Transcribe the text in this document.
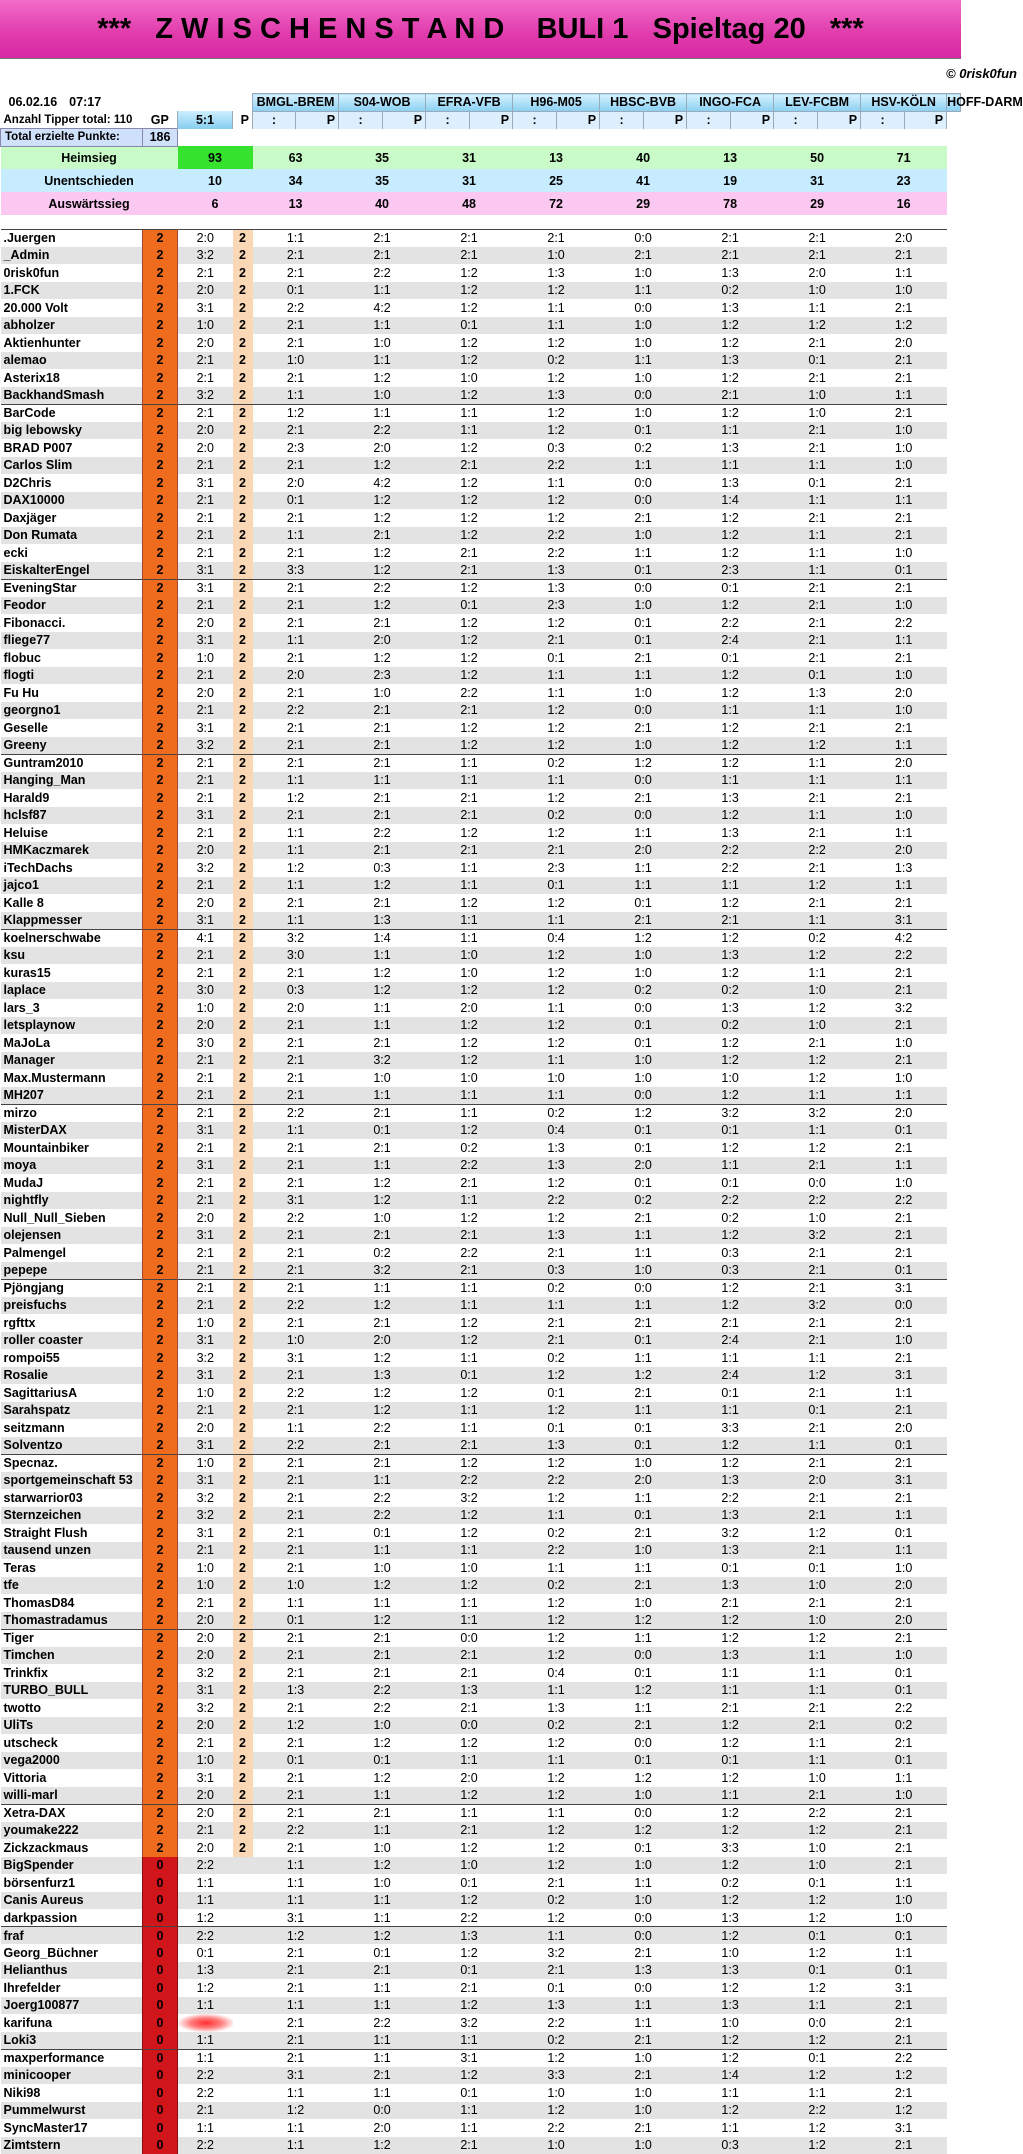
***   Z W I S C H E N S T A N D    BULI 1   Spieltag 20   ***
© 0risk0fun
06.02.16 07:17				BMGL-BREM		S04-WOB		EFRA-VFB		H96-M05		HBSC-BVB		INGO-FCA		LEV-FCBM		HSV-KÖLN		HOFF-DARM
Anzahl Tipper total: 110	GP	5:1	P	:	P	:	P	:	P	:	P	:	P	:	P	:	P	:	P	
Total erzielte Punkte:	186																			
Heimsieg		93		63		35		31		13		40		13		50		71		
Unentschieden		10		34		35		31		25		41		19		31		23		
Auswärtssieg		6		13		40		48		72		29		78		29		16		

.Juergen	2	2:0	2	1:1		2:1		2:1		2:1		0:0		2:1		2:1		2:0		
_Admin	2	3:2	2	2:1		2:1		2:1		1:0		2:1		2:1		2:1		2:1		
0risk0fun	2	2:1	2	2:1		2:2		1:2		1:3		1:0		1:3		2:0		1:1		
1.FCK	2	2:0	2	0:1		1:1		1:2		1:2		1:1		0:2		1:0		1:0		
20.000 Volt	2	3:1	2	2:2		4:2		1:2		1:1		0:0		1:3		1:1		2:1		
abholzer	2	1:0	2	2:1		1:1		0:1		1:1		1:0		1:2		1:2		1:2		
Aktienhunter	2	2:0	2	2:1		1:0		1:2		1:2		1:0		1:2		2:1		2:0		
alemao	2	2:1	2	1:0		1:1		1:2		0:2		1:1		1:3		0:1		2:1		
Asterix18	2	2:1	2	2:1		1:2		1:0		1:2		1:0		1:2		2:1		2:1		
BackhandSmash	2	3:2	2	1:1		1:0		1:2		1:3		0:0		2:1		1:0		1:1		
BarCode	2	2:1	2	1:2		1:1		1:1		1:2		1:0		1:2		1:0		2:1		
big lebowsky	2	2:0	2	2:1		2:2		1:1		1:2		0:1		1:1		2:1		1:0		
BRAD P007	2	2:0	2	2:3		2:0		1:2		0:3		0:2		1:3		2:1		1:0		
Carlos Slim	2	2:1	2	2:1		1:2		2:1		2:2		1:1		1:1		1:1		1:0		
D2Chris	2	3:1	2	2:0		4:2		1:2		1:1		0:0		1:3		0:1		2:1		
DAX10000	2	2:1	2	0:1		1:2		1:2		1:2		0:0		1:4		1:1		1:1		
Daxjäger	2	2:1	2	2:1		1:2		1:2		1:2		2:1		1:2		2:1		2:1		
Don Rumata	2	2:1	2	1:1		2:1		1:2		2:2		1:0		1:2		1:1		2:1		
ecki	2	2:1	2	2:1		1:2		2:1		2:2		1:1		1:2		1:1		1:0		
EiskalterEngel	2	3:1	2	3:3		1:2		2:1		1:3		0:1		2:3		1:1		0:1		
EveningStar	2	3:1	2	2:1		2:2		1:2		1:3		0:0		0:1		2:1		2:1		
Feodor	2	2:1	2	2:1		1:2		0:1		2:3		1:0		1:2		2:1		1:0		
Fibonacci.	2	2:0	2	2:1		2:1		1:2		1:2		0:1		2:2		2:1		2:2		
fliege77	2	3:1	2	1:1		2:0		1:2		2:1		0:1		2:4		2:1		1:1		
flobuc	2	1:0	2	2:1		1:2		1:2		0:1		2:1		0:1		2:1		2:1		
flogti	2	2:1	2	2:0		2:3		1:2		1:1		1:1		1:2		0:1		1:0		
Fu Hu	2	2:0	2	2:1		1:0		2:2		1:1		1:0		1:2		1:3		2:0		
georgno1	2	2:1	2	2:2		2:1		2:1		1:2		0:0		1:1		1:1		1:0		
Geselle	2	3:1	2	2:1		2:1		1:2		1:2		2:1		1:2		2:1		2:1		
Greeny	2	3:2	2	2:1		2:1		1:2		1:2		1:0		1:2		1:2		1:1		
Guntram2010	2	2:1	2	2:1		2:1		1:1		0:2		1:2		1:2		1:1		2:0		
Hanging_Man	2	2:1	2	1:1		1:1		1:1		1:1		0:0		1:1		1:1		1:1		
Harald9	2	2:1	2	1:2		2:1		2:1		1:2		2:1		1:3		2:1		2:1		
hclsf87	2	3:1	2	2:1		2:1		2:1		0:2		0:0		1:2		1:1		1:0		
Heluise	2	2:1	2	1:1		2:2		1:2		1:2		1:1		1:3		2:1		1:1		
HMKaczmarek	2	2:0	2	1:1		2:1		2:1		2:1		2:0		2:2		2:2		2:0		
iTechDachs	2	3:2	2	1:2		0:3		1:1		2:3		1:1		2:2		2:1		1:3		
jajco1	2	2:1	2	1:1		1:2		1:1		0:1		1:1		1:1		1:2		1:1		
Kalle 8	2	2:0	2	2:1		2:1		1:2		1:2		0:1		1:2		2:1		2:1		
Klappmesser	2	3:1	2	1:1		1:3		1:1		1:1		2:1		2:1		1:1		3:1		
koelnerschwabe	2	4:1	2	3:2		1:4		1:1		0:4		1:2		1:2		0:2		4:2		
ksu	2	2:1	2	3:0		1:1		1:0		1:2		1:0		1:3		1:2		2:2		
kuras15	2	2:1	2	2:1		1:2		1:0		1:2		1:0		1:2		1:1		2:1		
laplace	2	3:0	2	0:3		1:2		1:2		1:2		0:2		0:2		1:0		2:1		
lars_3	2	1:0	2	2:0		1:1		2:0		1:1		0:0		1:3		1:2		3:2		
letsplaynow	2	2:0	2	2:1		1:1		1:2		1:2		0:1		0:2		1:0		2:1		
MaJoLa	2	3:0	2	2:1		2:1		1:2		1:2		0:1		1:2		2:1		1:0		
Manager	2	2:1	2	2:1		3:2		1:2		1:1		1:0		1:2		1:2		2:1		
Max.Mustermann	2	2:1	2	2:1		1:0		1:0		1:0		1:0		1:0		1:2		1:0		
MH207	2	2:1	2	2:1		1:1		1:1		1:1		0:0		1:2		1:1		1:1		
mirzo	2	2:1	2	2:2		2:1		1:1		0:2		1:2		3:2		3:2		2:0		
MisterDAX	2	3:1	2	1:1		0:1		1:2		0:4		0:1		0:1		1:1		0:1		
Mountainbiker	2	2:1	2	2:1		2:1		0:2		1:3		0:1		1:2		1:2		2:1		
moya	2	3:1	2	2:1		1:1		2:2		1:3		2:0		1:1		2:1		1:1		
MudaJ	2	2:1	2	2:1		1:2		2:1		1:2		0:1		0:1		0:0		1:0		
nightfly	2	2:1	2	3:1		1:2		1:1		2:2		0:2		2:2		2:2		2:2		
Null_Null_Sieben	2	2:0	2	2:2		1:0		1:2		1:2		2:1		0:2		1:0		2:1		
olejensen	2	3:1	2	2:1		2:1		2:1		1:3		1:1		1:2		3:2		2:1		
Palmengel	2	2:1	2	2:1		0:2		2:2		2:1		1:1		0:3		2:1		2:1		
pepepe	2	2:1	2	2:1		3:2		2:1		0:3		1:0		0:3		2:1		0:1		
Pjöngjang	2	2:1	2	2:1		1:1		1:1		0:2		0:0		1:2		2:1		3:1		
preisfuchs	2	2:1	2	2:2		1:2		1:1		1:1		1:1		1:2		3:2		0:0		
rgfttx	2	1:0	2	2:1		2:1		1:2		2:1		2:1		2:1		2:1		2:1		
roller coaster	2	3:1	2	1:0		2:0		1:2		2:1		0:1		2:4		2:1		1:0		
rompoi55	2	3:2	2	3:1		1:2		1:1		0:2		1:1		1:1		1:1		2:1		
Rosalie	2	3:1	2	2:1		1:3		0:1		1:2		1:2		2:4		1:2		3:1		
SagittariusA	2	1:0	2	2:2		1:2		1:2		0:1		2:1		0:1		2:1		1:1		
Sarahspatz	2	2:1	2	2:1		1:2		1:1		1:2		1:1		1:1		0:1		2:1		
seitzmann	2	2:0	2	1:1		2:2		1:1		0:1		0:1		3:3		2:1		2:0		
Solventzo	2	3:1	2	2:2		2:1		2:1		1:3		0:1		1:2		1:1		0:1		
Specnaz.	2	1:0	2	2:1		2:1		1:2		1:2		1:0		1:2		2:1		2:1		
sportgemeinschaft 53	2	3:1	2	2:1		1:1		2:2		2:2		2:0		1:3		2:0		3:1		
starwarrior03	2	3:2	2	2:1		2:2		3:2		1:2		1:1		2:2		2:1		2:1		
Sternzeichen	2	3:2	2	2:1		2:2		1:2		1:1		0:1		1:3		2:1		1:1		
Straight Flush	2	3:1	2	2:1		0:1		1:2		0:2		2:1		3:2		1:2		0:1		
tausend unzen	2	2:1	2	2:1		1:1		1:1		2:2		1:0		1:3		2:1		1:1		
Teras	2	1:0	2	2:1		1:0		1:0		1:1		1:1		0:1		0:1		1:0		
tfe	2	1:0	2	1:0		1:2		1:2		0:2		2:1		1:3		1:0		2:0		
ThomasD84	2	2:1	2	1:1		1:1		1:1		1:2		1:0		2:1		2:1		2:1		
Thomastradamus	2	2:0	2	0:1		1:2		1:1		1:2		1:2		1:2		1:0		2:0		
Tiger	2	2:0	2	2:1		2:1		0:0		1:2		1:1		1:2		1:2		2:1		
Timchen	2	2:0	2	2:1		2:1		2:1		1:2		0:0		1:3		1:1		1:0		
Trinkfix	2	3:2	2	2:1		2:1		2:1		0:4		0:1		1:1		1:1		0:1		
TURBO_BULL	2	3:1	2	1:3		2:2		1:3		1:1		1:2		1:1		1:1		0:1		
twotto	2	3:2	2	2:1		2:2		2:1		1:3		1:1		2:1		2:1		2:2		
UliTs	2	2:0	2	1:2		1:0		0:0		0:2		2:1		1:2		2:1		0:2		
utscheck	2	2:1	2	2:1		1:2		1:2		1:2		0:0		1:2		1:1		2:1		
vega2000	2	1:0	2	0:1		0:1		1:1		1:1		0:1		0:1		1:1		0:1		
Vittoria	2	3:1	2	2:1		1:2		2:0		1:2		1:2		1:2		1:0		1:1		
willi-marl	2	2:0	2	2:1		1:1		1:2		1:2		1:0		1:1		2:1		1:0		
Xetra-DAX	2	2:0	2	2:1		2:1		1:1		1:1		0:0		1:2		2:2		2:1		
youmake222	2	2:1	2	2:2		1:1		2:1		1:2		1:2		1:2		1:2		2:1		
Zickzackmaus	2	2:0	2	2:1		1:0		1:2		1:2		0:1		3:3		1:0		2:1		
BigSpender	0	2:2		1:1		1:2		1:0		1:2		1:0		1:2		1:0		2:1		
börsenfurz1	0	1:1		1:1		1:0		0:1		2:1		1:1		0:2		0:1		1:1		
Canis Aureus	0	1:1		1:1		1:1		1:2		0:2		1:0		1:2		1:2		1:0		
darkpassion	0	1:2		3:1		1:1		2:2		1:2		0:0		1:3		1:2		1:0		
fraf	0	2:2		1:2		1:2		1:3		1:1		0:0		1:2		0:1		0:1		
Georg_Büchner	0	0:1		2:1		0:1		1:2		3:2		2:1		1:0		1:2		1:1		
Helianthus	0	1:3		2:1		2:1		0:1		2:1		1:3		1:3		0:1		0:1		
Ihrefelder	0	1:2		2:1		1:1		2:1		0:1		0:0		1:2		1:2		3:1		
Joerg100877	0	1:1		1:1		1:1		1:2		1:3		1:1		1:3		1:1		2:1		
karifuna	0			2:1		2:2		3:2		2:2		1:1		1:0		0:0		2:1		
Loki3	0	1:1		2:1		1:1		1:1		0:2		2:1		1:2		1:2		2:1		
maxperformance	0	1:1		2:1		1:1		3:1		1:2		1:0		1:2		0:1		2:2		
minicooper	0	2:2		3:1		2:1		1:2		3:3		2:1		1:4		1:2		1:2		
Niki98	0	2:2		1:1		1:1		0:1		1:0		1:0		1:1		1:1		2:1		
Pummelwurst	0	2:1		1:2		0:0		1:1		1:2		1:0		1:2		2:2		1:2		
SyncMaster17	0	1:1		1:1		2:0		1:1		2:2		2:1		1:1		1:2		3:1		
Zimtstern	0	2:2		1:1		1:2		2:1		1:0		1:0		0:3		1:2		2:1		
